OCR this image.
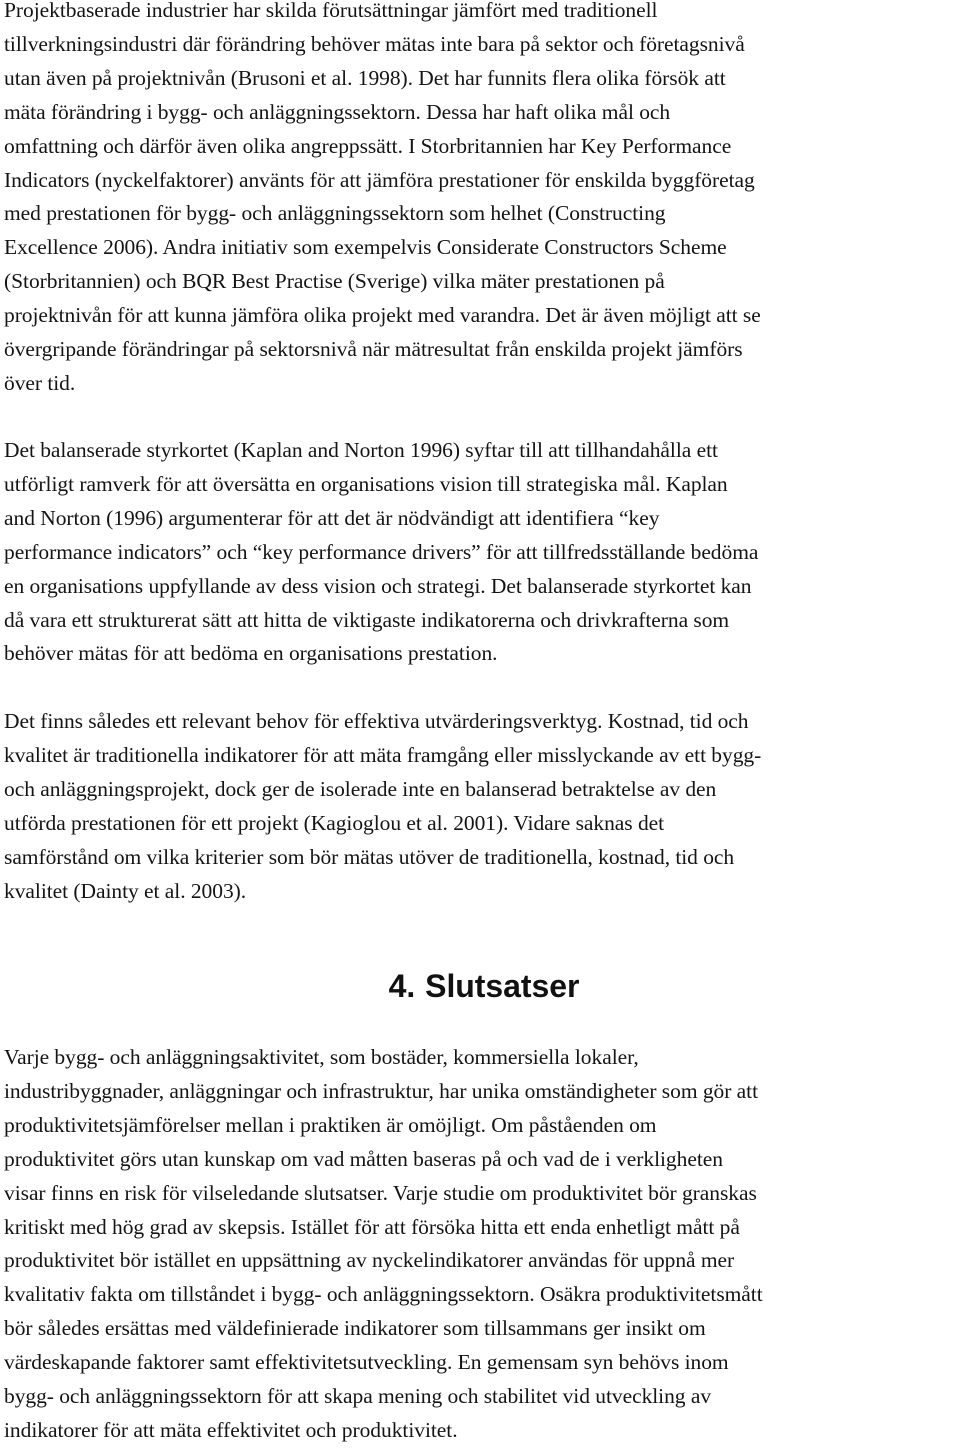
Projektbaserade industrier har skilda förutsättningar jämfört med traditionell
tillverkningsindustri där förändring behöver mätas inte bara på sektor och företagsnivå
utan även på projektnivån (Brusoni et al. 1998). Det har funnits flera olika försök att
mäta förändring i bygg- och anläggningssektorn. Dessa har haft olika mål och
omfattning och därför även olika angreppssätt. I Storbritannien har Key Performance
Indicators (nyckelfaktorer) använts för att jämföra prestationer för enskilda byggföretag
med prestationen för bygg- och anläggningssektorn som helhet (Constructing
Excellence 2006). Andra initiativ som exempelvis Considerate Constructors Scheme
(Storbritannien) och BQR Best Practise (Sverige) vilka mäter prestationen på
projektnivån för att kunna jämföra olika projekt med varandra. Det är även möjligt att se
övergripande förändringar på sektorsnivå när mätresultat från enskilda projekt jämförs
över tid.

Det balanserade styrkortet (Kaplan and Norton 1996) syftar till att tillhandahålla ett
utförligt ramverk för att översätta en organisations vision till strategiska mål. Kaplan
and Norton (1996) argumenterar för att det är nödvändigt att identifiera “key
performance indicators” och “key performance drivers” för att tillfredsställande bedöma
en organisations uppfyllande av dess vision och strategi. Det balanserade styrkortet kan
då vara ett strukturerat sätt att hitta de viktigaste indikatorerna och drivkrafterna som
behöver mätas för att bedöma en organisations prestation.

Det finns således ett relevant behov för effektiva utvärderingsverktyg. Kostnad, tid och
kvalitet är traditionella indikatorer för att mäta framgång eller misslyckande av ett bygg-
och anläggningsprojekt, dock ger de isolerade inte en balanserad betraktelse av den
utförda prestationen för ett projekt (Kagioglou et al. 2001). Vidare saknas det
samförstånd om vilka kriterier som bör mätas utöver de traditionella, kostnad, tid och
kvalitet (Dainty et al. 2003).

4. Slutsatser

Varje bygg- och anläggningsaktivitet, som bostäder, kommersiella lokaler,
industribyggnader, anläggningar och infrastruktur, har unika omständigheter som gör att
produktivitetsjämförelser mellan i praktiken är omöjligt. Om påståenden om
produktivitet görs utan kunskap om vad måtten baseras på och vad de i verkligheten
visar finns en risk för vilseledande slutsatser. Varje studie om produktivitet bör granskas
kritiskt med hög grad av skepsis. Istället för att försöka hitta ett enda enhetligt mått på
produktivitet bör istället en uppsättning av nyckelindikatorer användas för uppnå mer
kvalitativ fakta om tillståndet i bygg- och anläggningssektorn. Osäkra produktivitetsmått
bör således ersättas med väldefinierade indikatorer som tillsammans ger insikt om
värdeskapande faktorer samt effektivitetsutveckling. En gemensam syn behövs inom
bygg- och anläggningssektorn för att skapa mening och stabilitet vid utveckling av
indikatorer för att mäta effektivitet och produktivitet.
